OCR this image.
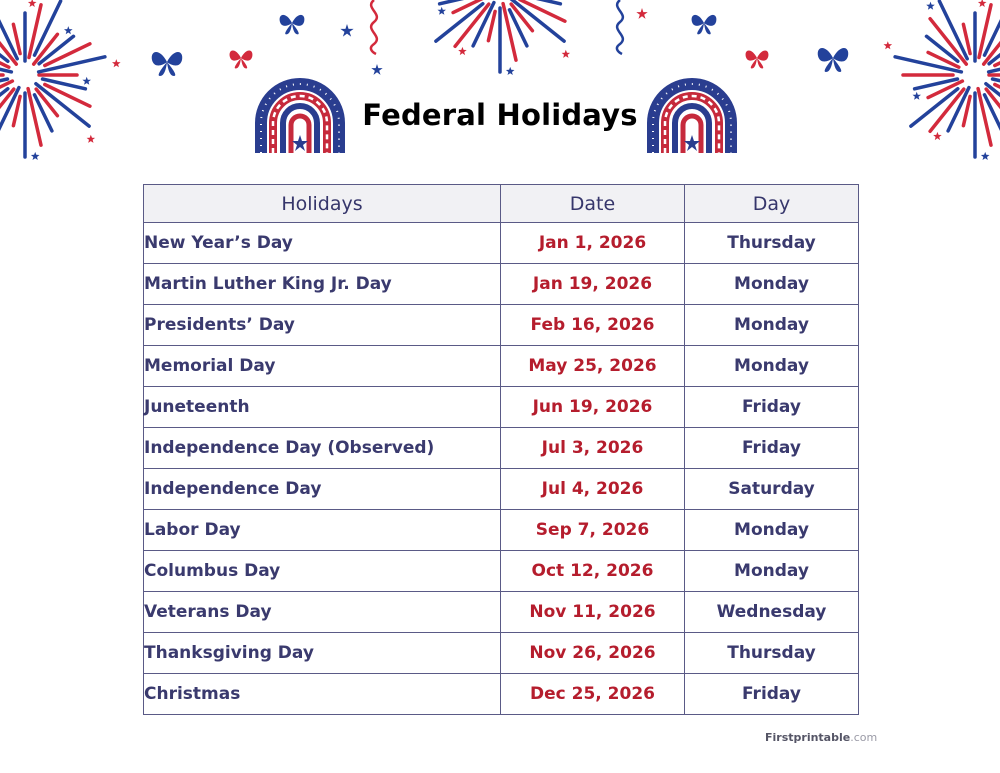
Federal Holidays
Holidays	Date	Day
New Year’s Day	Jan 1, 2026	Thursday
Martin Luther King Jr. Day	Jan 19, 2026	Monday
Presidents’ Day	Feb 16, 2026	Monday
Memorial Day	May 25, 2026	Monday
Juneteenth	Jun 19, 2026	Friday
Independence Day (Observed)	Jul 3, 2026	Friday
Independence Day	Jul 4, 2026	Saturday
Labor Day	Sep 7, 2026	Monday
Columbus Day	Oct 12, 2026	Monday
Veterans Day	Nov 11, 2026	Wednesday
Thanksgiving Day	Nov 26, 2026	Thursday
Christmas	Dec 25, 2026	Friday
Firstprintable.com
